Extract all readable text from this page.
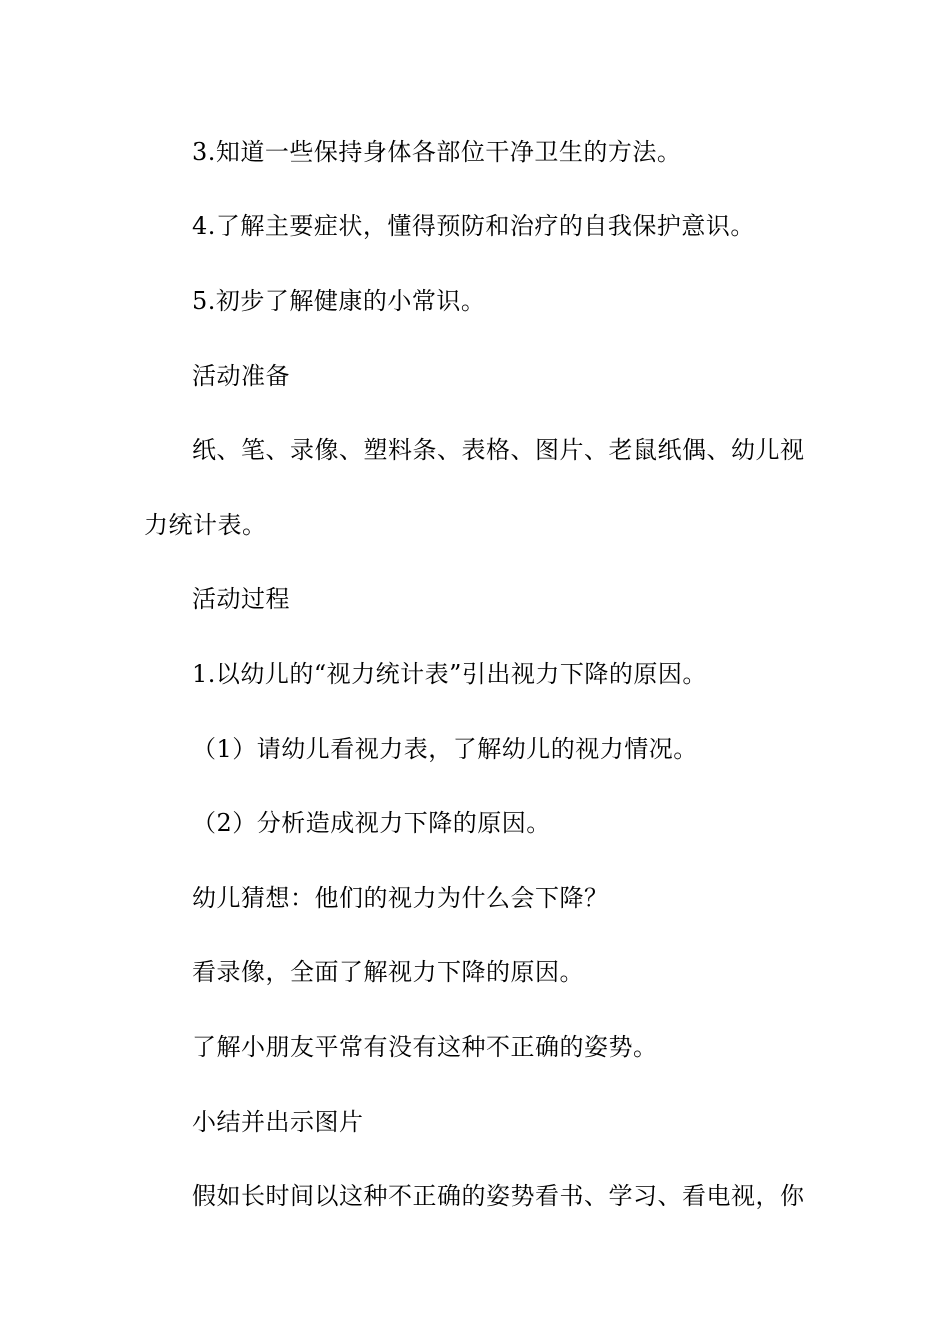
3.知道一些保持身体各部位干净卫生的方法。
4.了解主要症状，懂得预防和治疗的自我保护意识。
5.初步了解健康的小常识。
活动准备
纸、笔、录像、塑料条、表格、图片、老鼠纸偶、幼儿视
力统计表。
活动过程
1.以幼儿的“视力统计表”引出视力下降的原因。
（1）请幼儿看视力表，了解幼儿的视力情况。
（2）分析造成视力下降的原因。
幼儿猜想：他们的视力为什么会下降？
看录像，全面了解视力下降的原因。
了解小朋友平常有没有这种不正确的姿势。
小结并出示图片
假如长时间以这种不正确的姿势看书、学习、看电视，你
